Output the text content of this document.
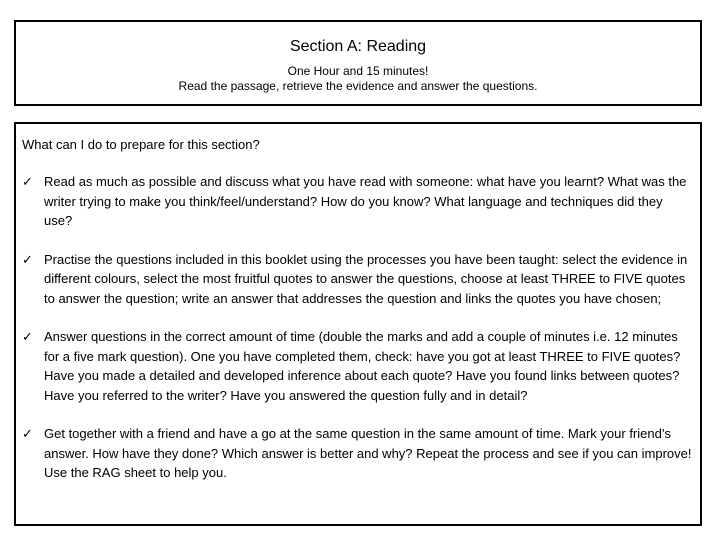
Section A: Reading
One Hour and 15 minutes!
Read the passage, retrieve the evidence and answer the questions.
What can I do to prepare for this section?
✓ Read as much as possible and discuss what you have read with someone: what have you learnt? What was the writer trying to make you think/feel/understand? How do you know? What language and techniques did they use?
✓ Practise the questions included in this booklet using the processes you have been taught: select the evidence in different colours, select the most fruitful quotes to answer the questions, choose at least THREE to FIVE quotes to answer the question; write an answer that addresses the question and links the quotes you have chosen;
✓ Answer questions in the correct amount of time (double the marks and add a couple of minutes i.e. 12 minutes for a five mark question). One you have completed them, check: have you got at least THREE to FIVE quotes? Have you made a detailed and developed inference about each quote? Have you found links between quotes? Have you referred to the writer? Have you answered the question fully and in detail?
✓ Get together with a friend and have a go at the same question in the same amount of time. Mark your friend’s answer. How have they done? Which answer is better and why? Repeat the process and see if you can improve! Use the RAG sheet to help you.
